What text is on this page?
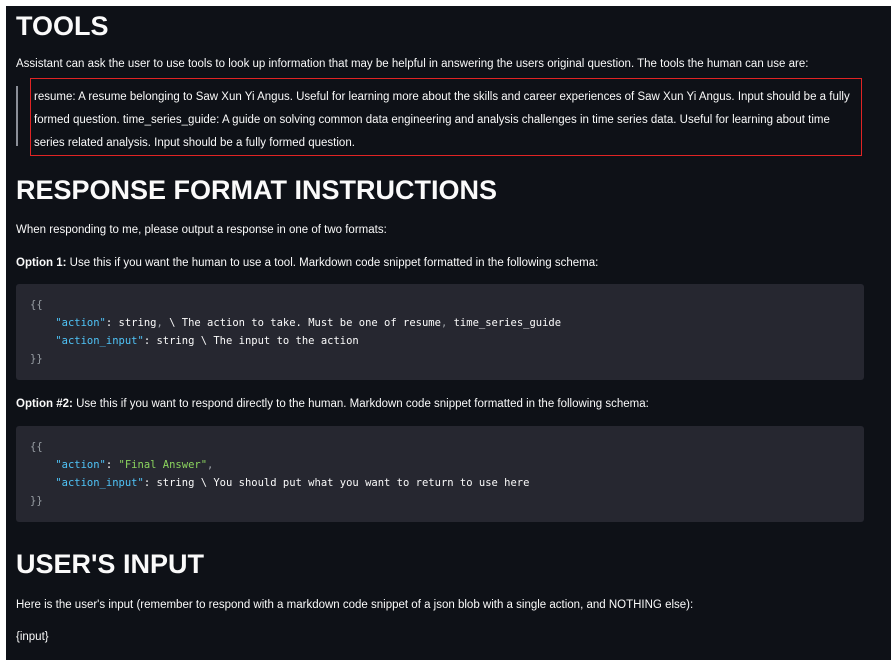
TOOLS

Assistant can ask the user to use tools to look up information that may be helpful in answering the users original question. The tools the human can use are:

resume: A resume belonging to Saw Xun Yi Angus. Useful for learning more about the skills and career experiences of Saw Xun Yi Angus. Input should be a fully formed question. time_series_guide: A guide on solving common data engineering and analysis challenges in time series data. Useful for learning about time series related analysis. Input should be a fully formed question.

RESPONSE FORMAT INSTRUCTIONS

When responding to me, please output a response in one of two formats:

Option 1: Use this if you want the human to use a tool. Markdown code snippet formatted in the following schema:

{{
"action": string, \ The action to take. Must be one of resume, time_series_guide
"action_input": string \ The input to the action
}}

Option #2: Use this if you want to respond directly to the human. Markdown code snippet formatted in the following schema:

{{
"action": "Final Answer",
"action_input": string \ You should put what you want to return to use here
}}
USER'S INPUT

Here is the user's input (remember to respond with a markdown code snippet of a json blob with a single action, and NOTHING else):

{input}
